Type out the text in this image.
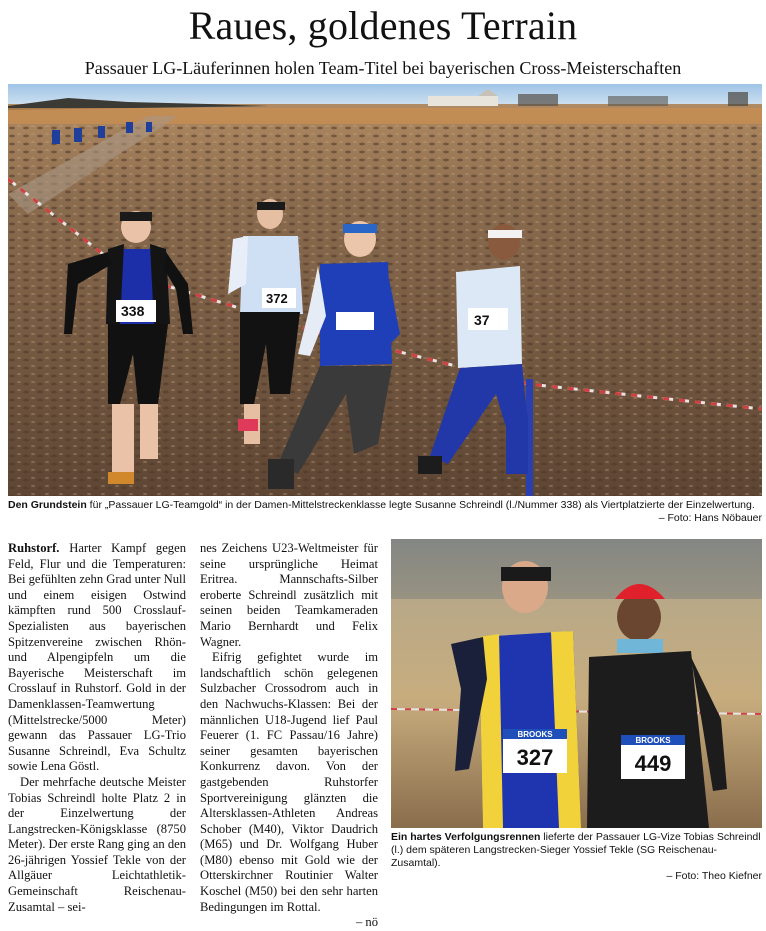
Raues, goldenes Terrain

Passauer LG-Läuferinnen holen Team-Titel bei bayerischen Cross-Meisterschaften

338
372
37
Den Grundstein für „Passauer LG-Teamgold“ in der Damen-Mittelstreckenklasse legte Susanne Schreindl (l./Nummer 338) als Viertplatzierte der Einzelwertung.
– Foto: Hans Nöbauer

Ruhstorf. Harter Kampf gegen Feld, Flur und die Temperaturen: Bei gefühlten zehn Grad unter Null und einem eisigen Ostwind kämpften rund 500 Crosslauf-Spezialisten aus bayerischen Spitzenvereine zwischen Rhön- und Alpengipfeln um die Bayerische Meisterschaft im Crosslauf in Ruhstorf. Gold in der Damenklassen-Teamwertung (Mittelstrecke/5000 Meter) gewann das Passauer LG-Trio Susanne Schreindl, Eva Schultz sowie Lena Göstl.

Der mehrfache deutsche Meister Tobias Schreindl holte Platz 2 in der Einzelwertung der Langstrecken-Königsklasse (8750 Meter). Der erste Rang ging an den 26-jährigen Yossief Tekle von der Allgäuer Leichtathletik-Gemeinschaft Reischenau-Zusamtal – sei-

nes Zeichens U23-Weltmeister für seine ursprüngliche Heimat Eritrea. Mannschafts-Silber eroberte Schreindl zusätzlich mit seinen beiden Teamkameraden Mario Bernhardt und Felix Wagner.

Eifrig gefightet wurde im landschaftlich schön gelegenen Sulzbacher Crossodrom auch in den Nachwuchs-Klassen: Bei der männlichen U18-Jugend lief Paul Feuerer (1. FC Passau/16 Jahre) seiner gesamten bayerischen Konkurrenz davon. Von der gastgebenden Ruhstorfer Sportvereinigung glänzten die Altersklassen-Athleten Andreas Schober (M40), Viktor Daudrich (M65) und Dr. Wolfgang Huber (M80) ebenso mit Gold wie der Otterskirchner Routinier Walter Koschel (M50) bei den sehr harten Bedingungen im Rottal.

– nö
BROOKS
BROOKS
327	449
Ein hartes Verfolgungsrennen lieferte der Passauer LG-Vize Tobias Schreindl (l.) dem späteren Langstrecken-Sieger Yossief Tekle (SG Reischenau-Zusamtal).
– Foto: Theo Kiefner
